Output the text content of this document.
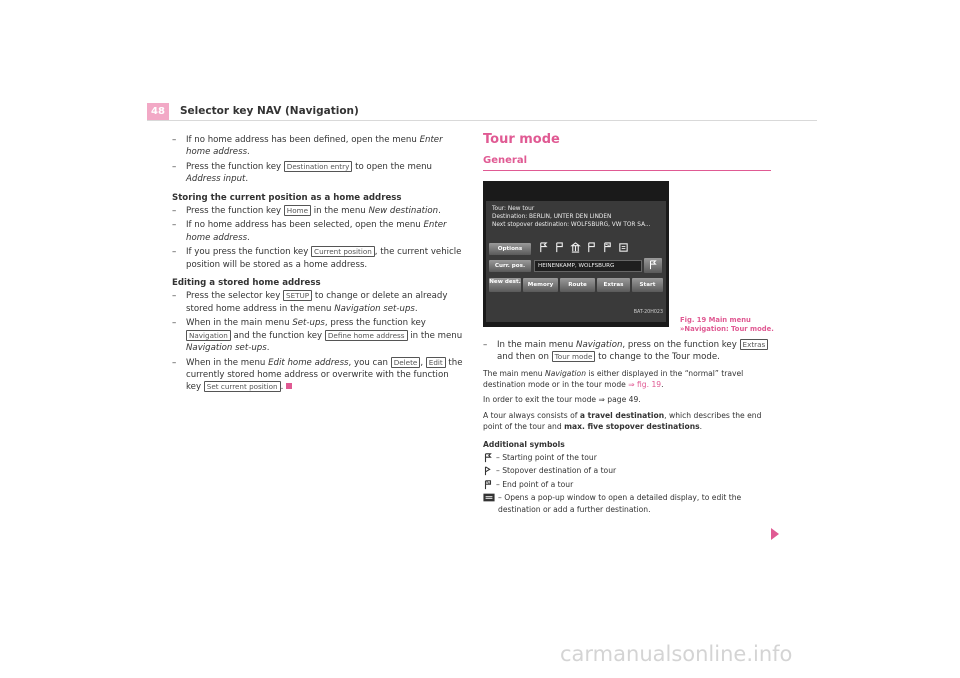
48	Selector key NAV (Navigation)
– If no home address has been defined, open the menu Enter home address.
– Press the function key Destination entry to open the menu Address input.
Storing the current position as a home address
– Press the function key Home in the menu New destination.
– If no home address has been selected, open the menu Enter home address.
– If you press the function key Current position , the current vehicle position will be stored as a home address.
Editing a stored home address
– Press the selector key SETUP to change or delete an already stored home address in the menu Navigation set-ups.
– When in the main menu Set-ups, press the function key Navigation and the function key Define home address in the menu Navigation set-ups.
– When in the menu Edit home address, you can Delete , Edit the currently stored home address or overwrite with the function key Set current position .
Tour mode
General
Tour: New tour
Destination: BERLIN, UNTER DEN LINDEN
Next stopover destination: WOLFSBURG, VW TOR SA...
Options
Curr. pos.	HEINENKAMP, WOLFSBURG
New dest.	Memory	Route	Extras	Start
BAT-20H023
– In the main menu Navigation, press on the function key Extras and then on Tour mode to change to the Tour mode.
The main menu Navigation is either displayed in the “normal” travel destination mode or in the tour mode ⇒ fig. 19.
In order to exit the tour mode ⇒ page 49.
A tour always consists of a travel destination, which describes the end point of the tour and max. five stopover destinations.
Additional symbols
– Starting point of the tour
– Stopover destination of a tour
– End point of a tour
– Opens a pop-up window to open a detailed display, to edit the destination or add a further destination.
Fig. 19 Main menu »Navigation: Tour mode.
carmanualsonline.info
